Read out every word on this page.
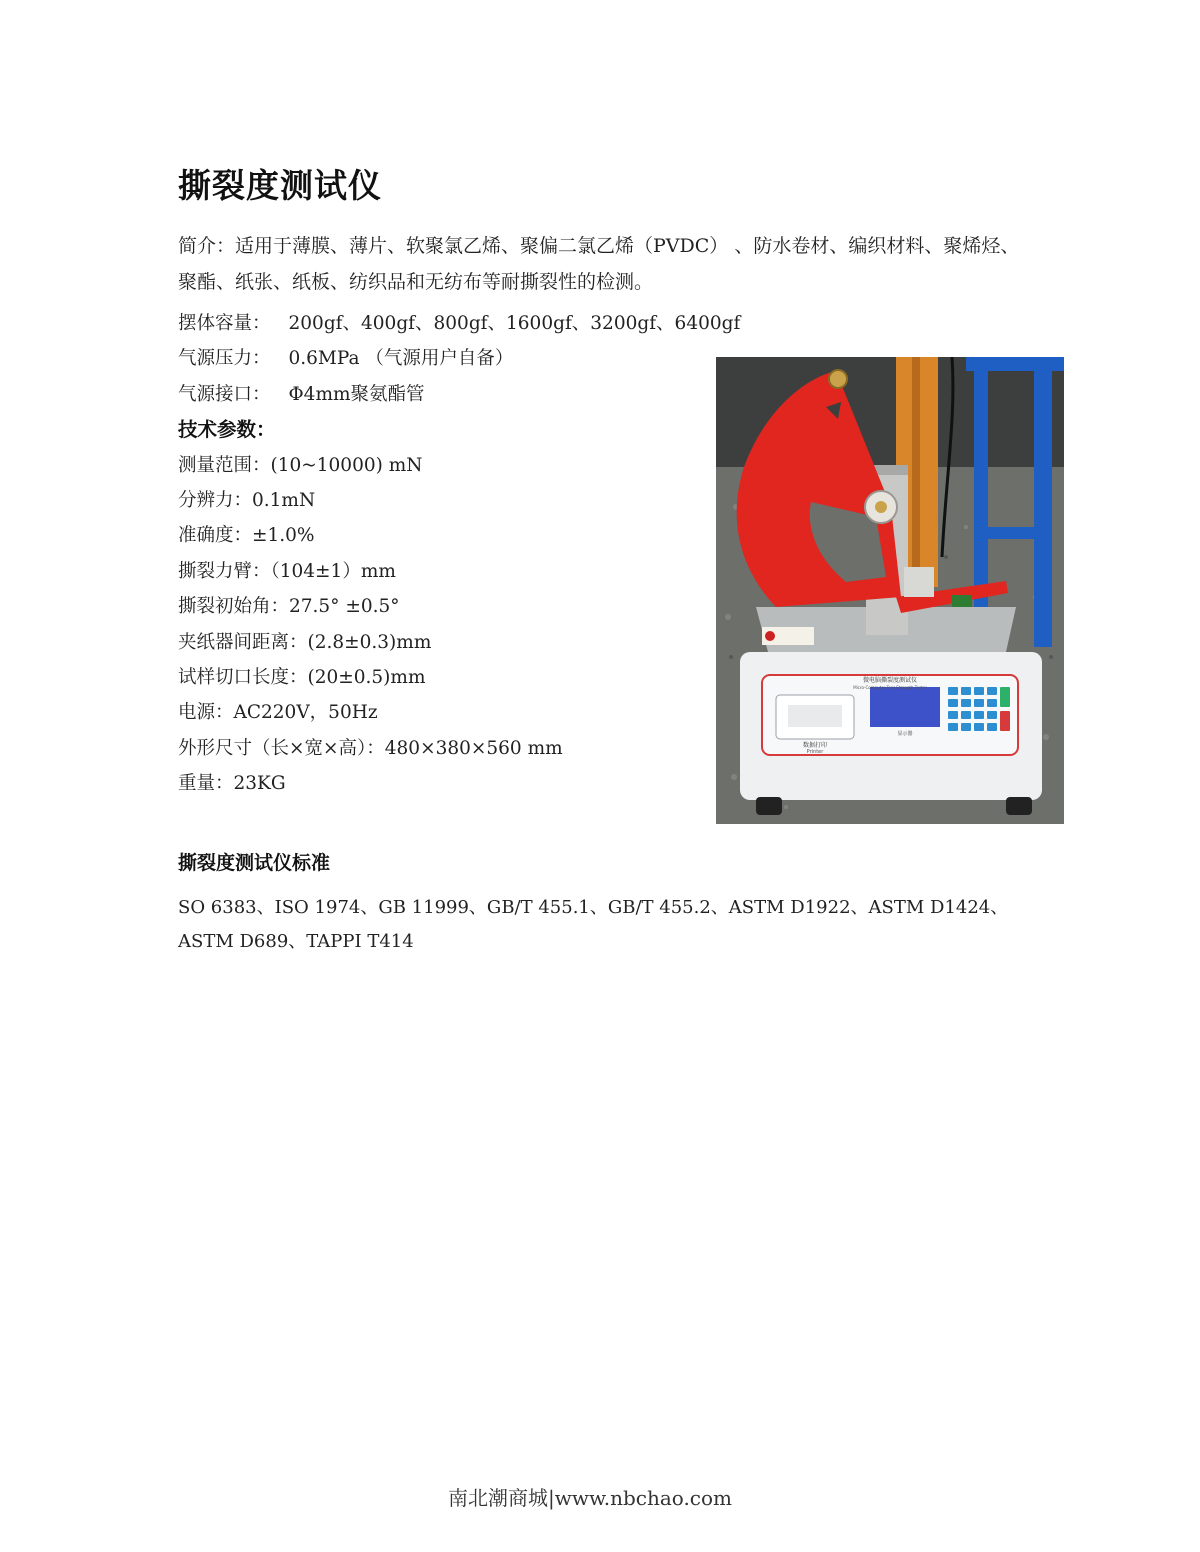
撕裂度测试仪

简介：适用于薄膜、薄片、软聚氯乙烯、聚偏二氯乙烯（PVDC） 、防水卷材、编织材料、聚烯烃、聚酯、纸张、纸板、纺织品和无纺布等耐撕裂性的检测。

摆体容量： 200gf、400gf、800gf、1600gf、3200gf、6400gf
气源压力： 0.6MPa （气源用户自备）
气源接口： Φ4mm聚氨酯管
技术参数：
测量范围：(10~10000) mN
分辨力：0.1mN
准确度：±1.0%
撕裂力臂：（104±1）mm
撕裂初始角：27.5° ±0.5°
夹纸器间距离：(2.8±0.3)mm
试样切口长度：(20±0.5)mm
电源：AC220V，50Hz
外形尺寸（长×宽×高）：480×380×560 mm
重量：23KG
微电脑撕裂度测试仪
Micro-Computer Tear Strength Tester
数据打印
Printer
显示器
撕裂度测试仪标准

SO 6383、ISO 1974、GB 11999、GB/T 455.1、GB/T 455.2、ASTM D1922、ASTM D1424、ASTM D689、TAPPI T414

南北潮商城|www.nbchao.com
